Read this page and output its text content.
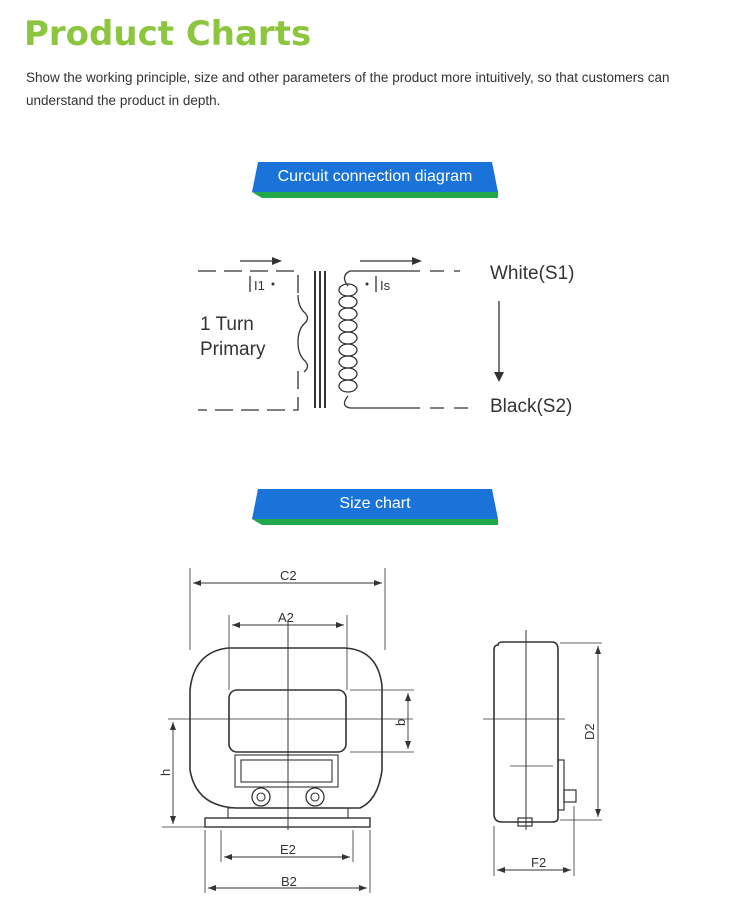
Product Charts

Show the working principle, size and other parameters of the product more intuitively, so that customers can understand the product in depth.

Curcuit connection diagram
Size chart
I1	Is
1 Turn
Primary
White(S1)
Black(S2)
C2
A2
b
h
E2
B2
D2
F2
